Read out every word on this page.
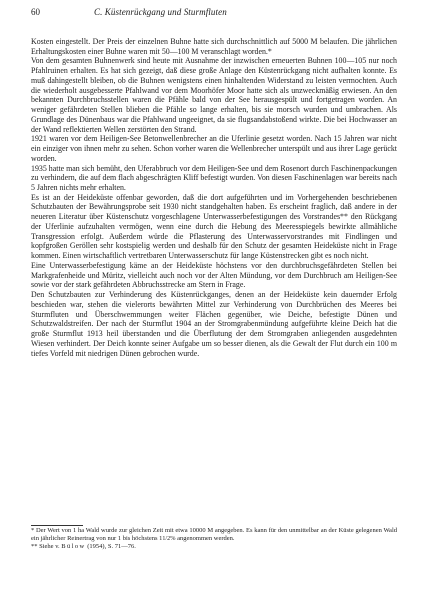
60	C. Küstenrückgang und Sturmfluten

Kosten eingestellt. Der Preis der einzelnen Buhne hatte sich durchschnittlich auf 5000 M belaufen. Die jährlichen Erhaltungskosten einer Buhne waren mit 50—100 M veranschlagt worden.*

Von dem gesamten Buhnenwerk sind heute mit Ausnahme der inzwischen erneuerten Buhnen 100—105 nur noch Pfahlruinen erhalten. Es hat sich gezeigt, daß diese große Anlage den Küstenrückgang nicht aufhalten konnte. Es muß dahingestellt bleiben, ob die Buhnen wenigstens einen hinhaltenden Widerstand zu leisten vermochten. Auch die wiederholt ausgebesserte Pfahlwand vor dem Moorhöfer Moor hatte sich als unzweckmäßig erwiesen. An den bekannten Durchbruchsstellen waren die Pfähle bald von der See herausgespült und fortgetragen worden. An weniger gefährdeten Stellen blieben die Pfähle so lange erhalten, bis sie morsch wurden und umbrachen. Als Grundlage des Dünenbaus war die Pfahlwand ungeeignet, da sie flugsandabstoßend wirkte. Die bei Hochwasser an der Wand reflektierten Wellen zerstörten den Strand.

1921 waren vor dem Heiligen-See Betonwellenbrecher an die Uferlinie gesetzt worden. Nach 15 Jahren war nicht ein einziger von ihnen mehr zu sehen. Schon vorher waren die Wellenbrecher unterspült und aus ihrer Lage gerückt worden.

1935 hatte man sich bemüht, den Uferabbruch vor dem Heiligen-See und dem Rosenort durch Faschinenpackungen zu verhindern, die auf dem flach abgeschrägten Kliff befestigt wurden. Von diesen Faschinenlagen war bereits nach 5 Jahren nichts mehr erhalten.

Es ist an der Heideküste offenbar geworden, daß die dort aufgeführten und im Vorhergehenden beschriebenen Schutzbauten der Bewährungsprobe seit 1930 nicht standgehalten haben. Es erscheint fraglich, daß andere in der neueren Literatur über Küstenschutz vorgeschlagene Unterwasserbefestigungen des Vorstrandes** den Rückgang der Uferlinie aufzuhalten vermögen, wenn eine durch die Hebung des Meeresspiegels bewirkte allmähliche Transgression erfolgt. Außerdem würde die Pflasterung des Unterwasservorstrandes mit Findlingen und kopfgroßen Geröllen sehr kostspielig werden und deshalb für den Schutz der gesamten Heideküste nicht in Frage kommen. Einen wirtschaftlich vertretbaren Unterwasserschutz für lange Küstenstrecken gibt es noch nicht.

Eine Unterwasserbefestigung käme an der Heideküste höchstens vor den durchbruchsgefährdeten Stellen bei Markgrafenheide und Müritz, vielleicht auch noch vor der Alten Mündung, vor dem Durchbruch am Heiligen-See sowie vor der stark gefährdeten Abbruchsstrecke am Stern in Frage.

Den Schutzbauten zur Verhinderung des Küstenrückganges, denen an der Heideküste kein dauernder Erfolg beschieden war, stehen die vielerorts bewährten Mittel zur Verhinderung von Durchbrüchen des Meeres bei Sturmfluten und Überschwemmungen weiter Flächen gegenüber, wie Deiche, befestigte Dünen und Schutzwaldstreifen. Der nach der Sturmflut 1904 an der Stromgrabenmündung aufgeführte kleine Deich hat die große Sturmflut 1913 heil überstanden und die Überflutung der dem Stromgraben anliegenden ausgedehnten Wiesen verhindert. Der Deich konnte seiner Aufgabe um so besser dienen, als die Gewalt der Flut durch ein 100 m tiefes Vorfeld mit niedrigen Dünen gebrochen wurde.

* Der Wert von 1 ha Wald wurde zur gleichen Zeit mit etwa 10000 M angegeben. Es kann für den unmittelbar an der Küste gelegenen Wald ein jährlicher Reinertrag von nur 1 bis höchstens 11/2% angenommen werden.

** Siehe v. Bülow (1954), S. 71—76.
